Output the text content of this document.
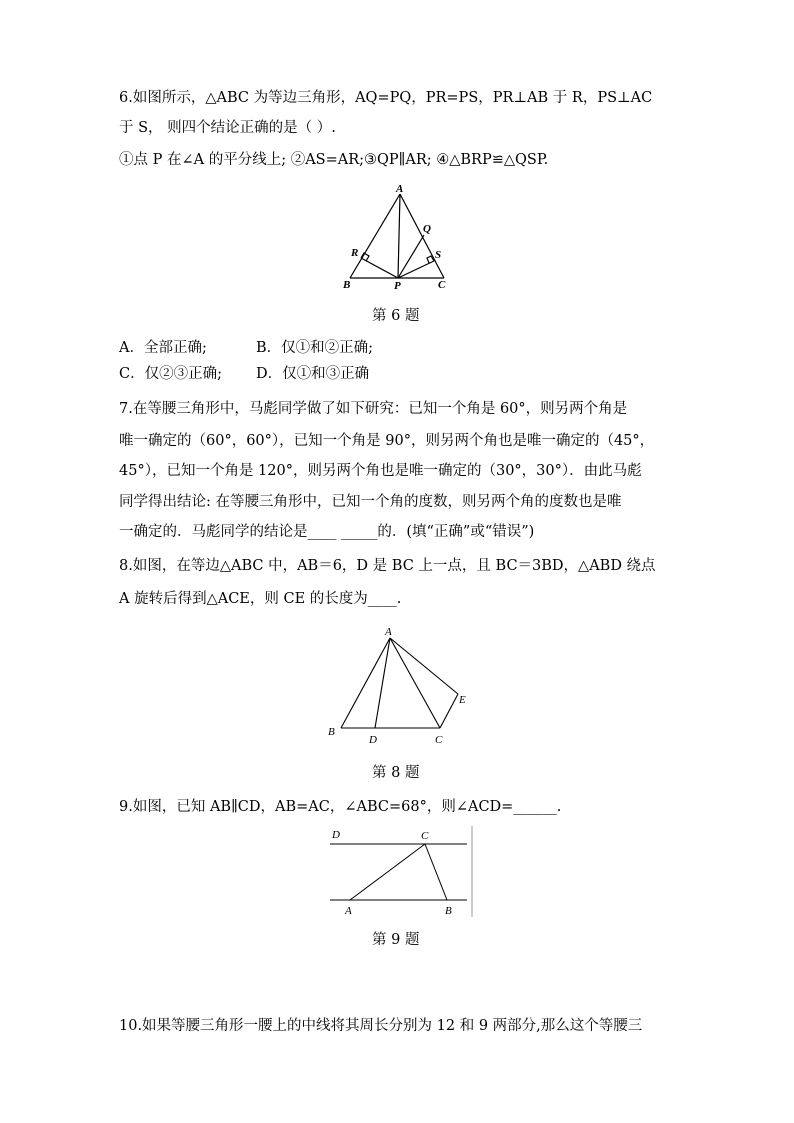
6.如图所示，△ABC 为等边三角形，AQ=PQ，PR=PS，PR⊥AB 于 R，PS⊥AC
于 S， 则四个结论正确的是（ ）.
①点 P 在∠A 的平分线上; ②AS=AR;③QP∥AR; ④△BRP≌△QSP.
A
B	C
P
Q
R	S
第 6 题
A．全部正确;	B．仅①和②正确;
C．仅②③正确; D．仅①和③正确
7.在等腰三角形中，马彪同学做了如下研究：已知一个角是 60°，则另两个角是
唯一确定的（60°，60°），已知一个角是 90°，则另两个角也是唯一确定的（45°，
45°），已知一个角是 120°，则另两个角也是唯一确定的（30°，30°）．由此马彪
同学得出结论: 在等腰三角形中，已知一个角的度数，则另两个角的度数也是唯
一确定的．马彪同学的结论是____ _____的．(填“正确”或“错误”)
8.如图，在等边△ABC 中，AB＝6，D 是 BC 上一点，且 BC＝3BD，△ABD 绕点
A 旋转后得到△ACE，则 CE 的长度为____.
A
B
C
D
E
第 8 题
9.如图，已知 AB∥CD，AB=AC，∠ABC=68°，则∠ACD=______.
D	C
A	B
第 9 题
10.如果等腰三角形一腰上的中线将其周长分别为 12 和 9 两部分,那么这个等腰三
